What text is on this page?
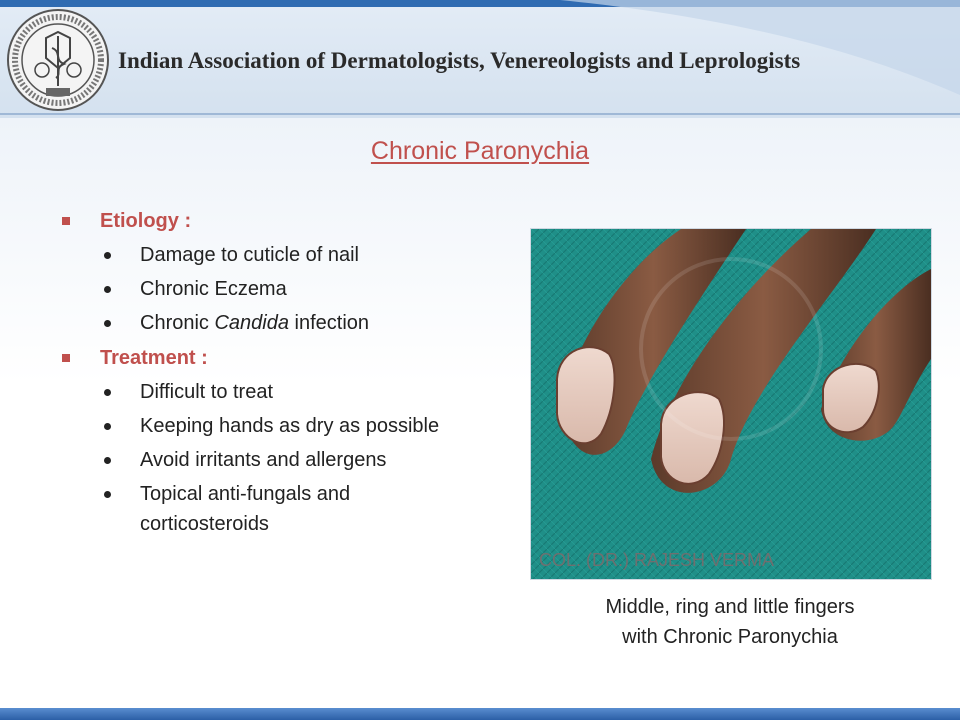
Indian Association of Dermatologists, Venereologists and Leprologists
Chronic Paronychia
Etiology :
Damage to cuticle of nail
Chronic Eczema
Chronic Candida infection
Treatment :
Difficult to treat
Keeping hands as dry as possible
Avoid irritants and allergens
Topical anti-fungals and corticosteroids
COL. (DR.) RAJESH VERMA
Middle, ring and little fingers
with Chronic Paronychia
